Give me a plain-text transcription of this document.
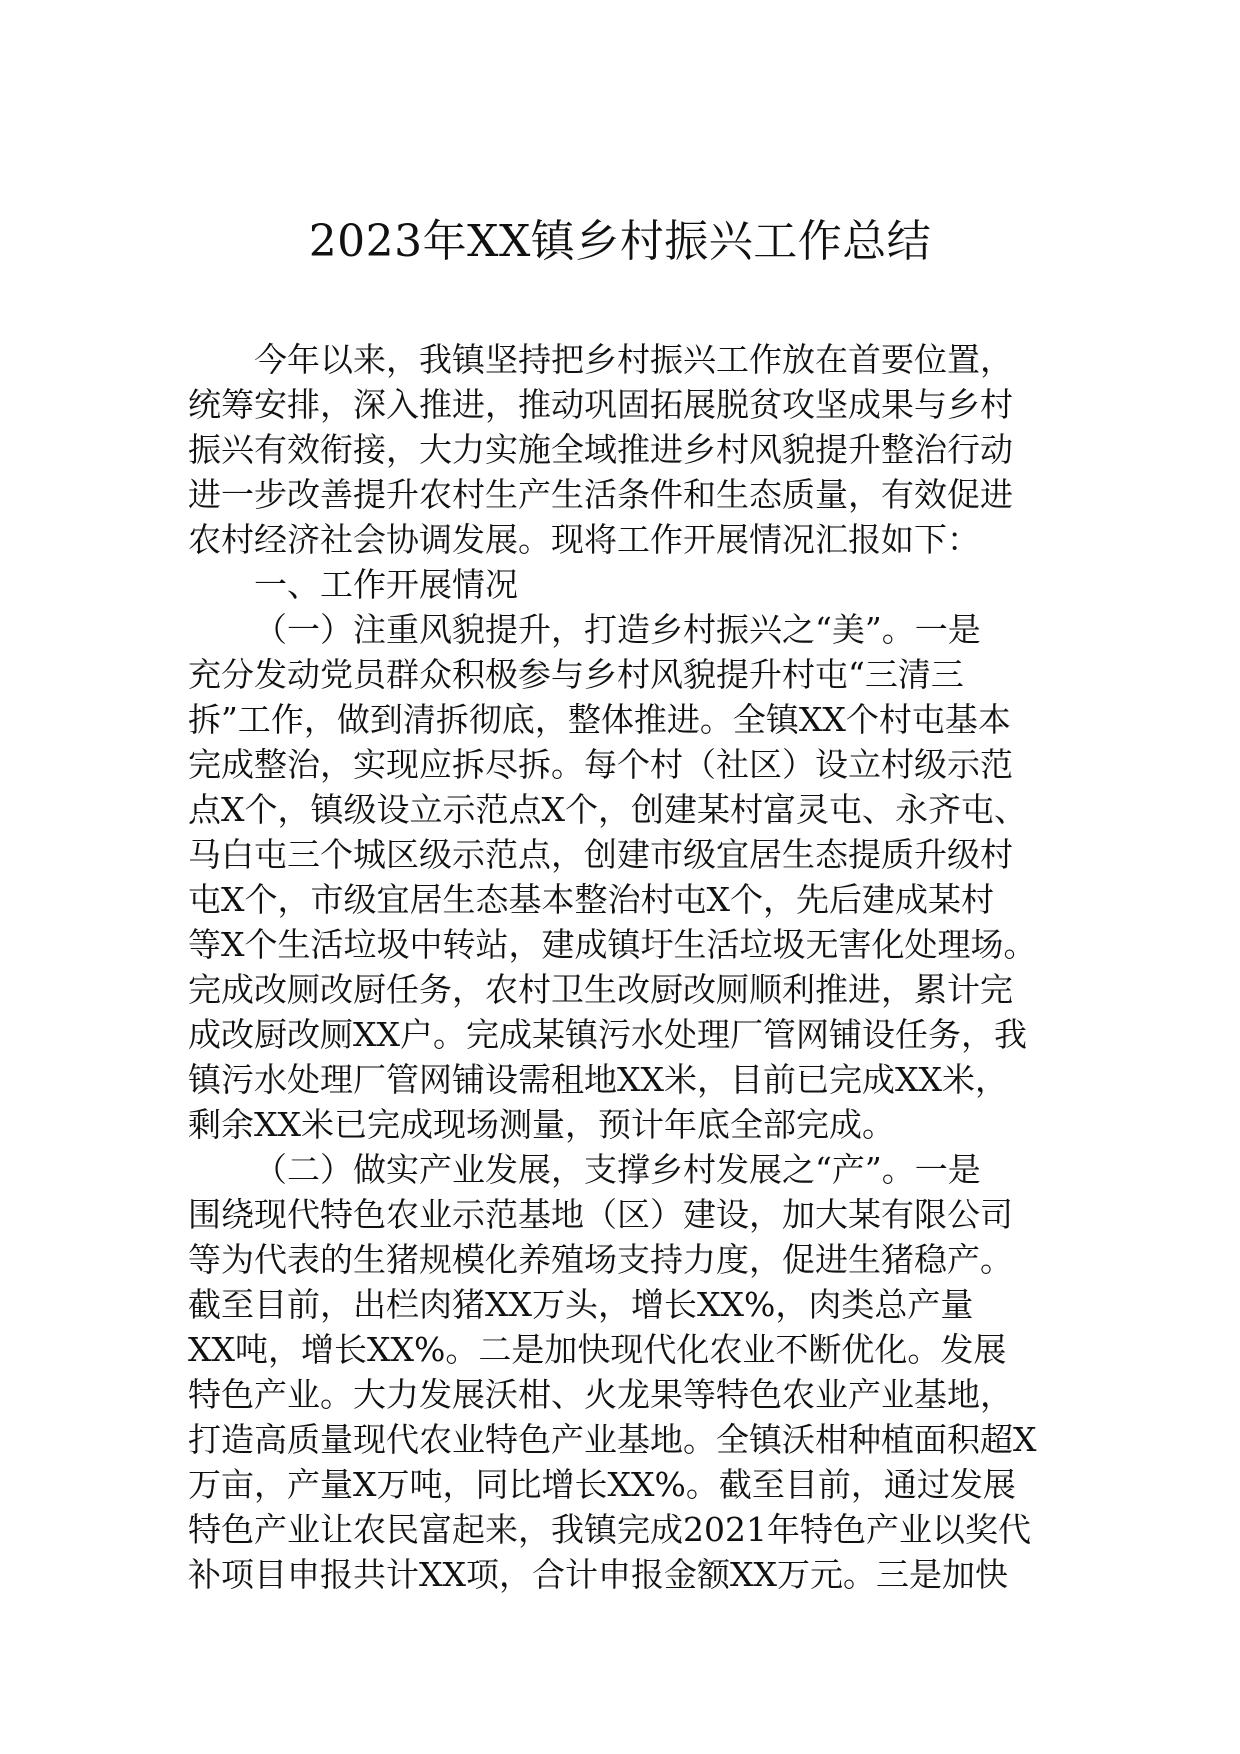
2023年XX镇乡村振兴工作总结
今年以来，我镇坚持把乡村振兴工作放在首要位置，
统筹安排，深入推进，推动巩固拓展脱贫攻坚成果与乡村
振兴有效衔接，大力实施全域推进乡村风貌提升整治行动
进一步改善提升农村生产生活条件和生态质量，有效促进
农村经济社会协调发展。现将工作开展情况汇报如下：
一、工作开展情况
（一）注重风貌提升，打造乡村振兴之“美”。一是
充分发动党员群众积极参与乡村风貌提升村屯“三清三
拆”工作，做到清拆彻底，整体推进。全镇XX个村屯基本
完成整治，实现应拆尽拆。每个村（社区）设立村级示范
点X个，镇级设立示范点X个，创建某村富灵屯、永齐屯、
马白屯三个城区级示范点，创建市级宜居生态提质升级村
屯X个，市级宜居生态基本整治村屯X个，先后建成某村
等X个生活垃圾中转站，建成镇圩生活垃圾无害化处理场。
完成改厕改厨任务，农村卫生改厨改厕顺利推进，累计完
成改厨改厕XX户。完成某镇污水处理厂管网铺设任务，我
镇污水处理厂管网铺设需租地XX米，目前已完成XX米，
剩余XX米已完成现场测量，预计年底全部完成。
（二）做实产业发展，支撑乡村发展之“产”。一是
围绕现代特色农业示范基地（区）建设，加大某有限公司
等为代表的生猪规模化养殖场支持力度，促进生猪稳产。
截至目前，出栏肉猪XX万头，增长XX%，肉类总产量
XX吨，增长XX%。二是加快现代化农业不断优化。发展
特色产业。大力发展沃柑、火龙果等特色农业产业基地，
打造高质量现代农业特色产业基地。全镇沃柑种植面积超X
万亩，产量X万吨，同比增长XX%。截至目前，通过发展
特色产业让农民富起来，我镇完成2021年特色产业以奖代
补项目申报共计XX项，合计申报金额XX万元。三是加快
